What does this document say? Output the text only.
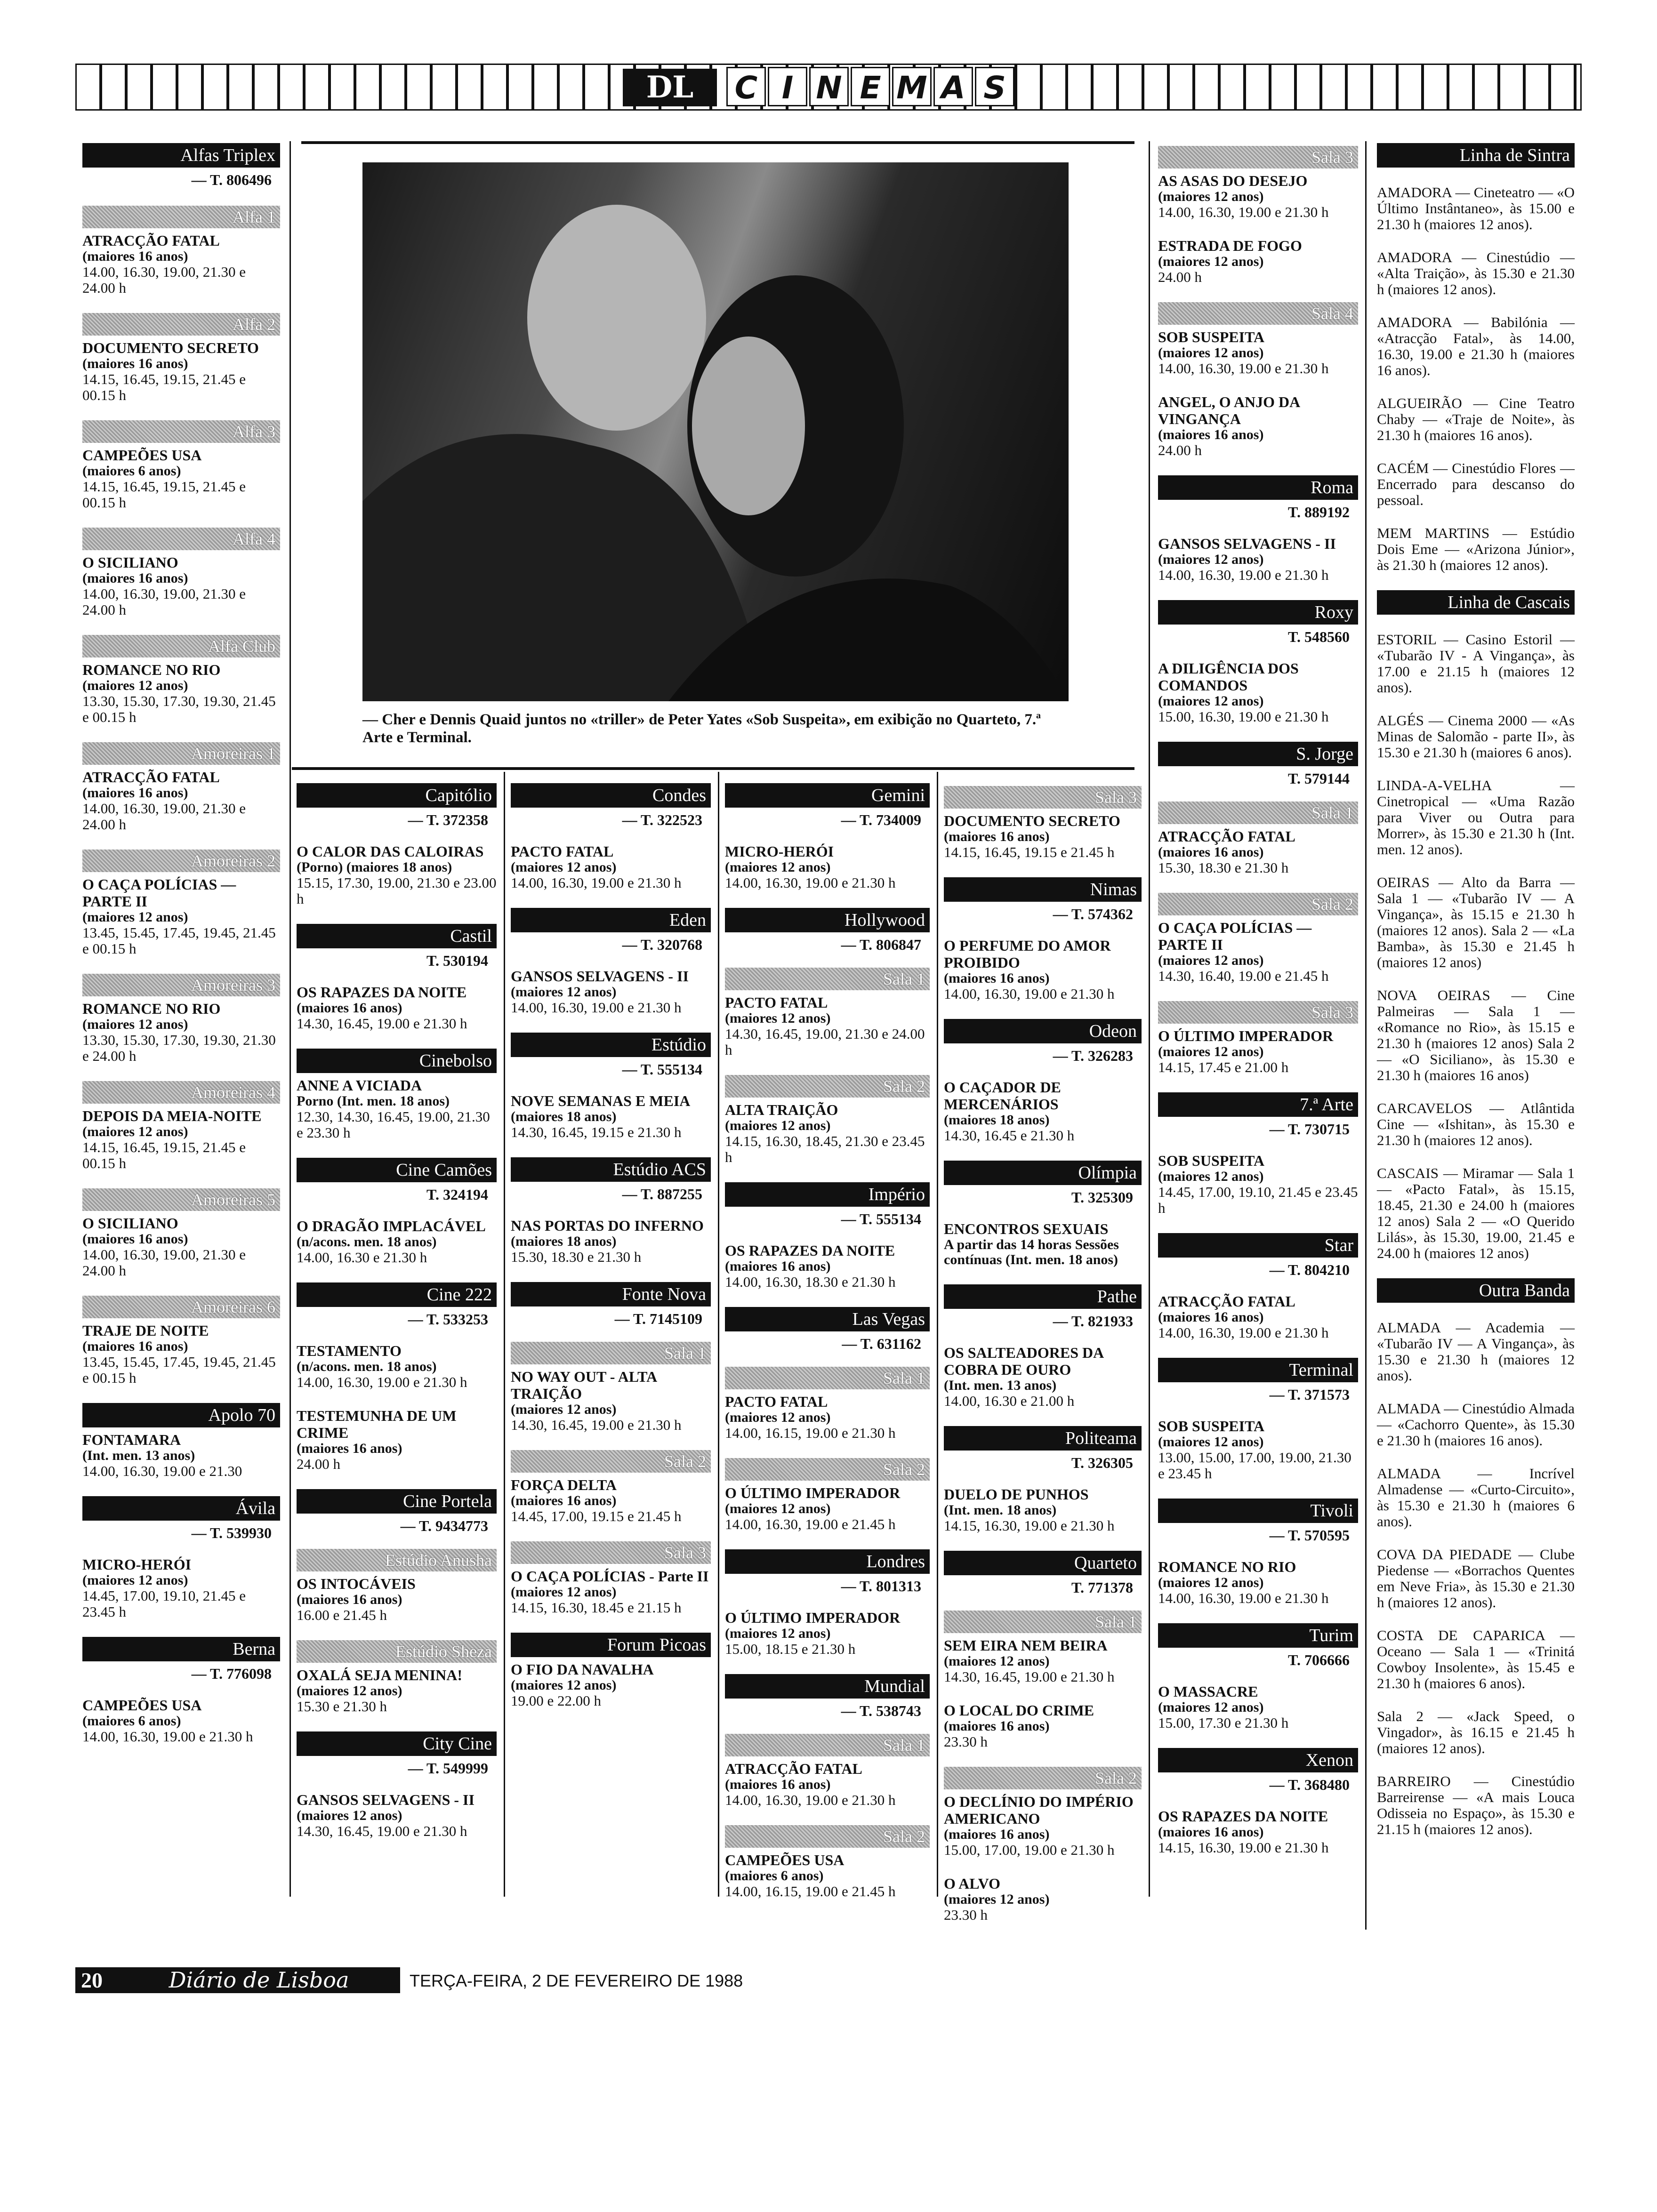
DL	C I N E M A S
— Cher e Dennis Quaid juntos no «triller» de Peter Yates «Sob Suspeita», em exibição no Quarteto, 7.ª Arte e Terminal.
Alfas Triplex
— T. 806496
Alfa 1
ATRACÇÃO FATAL
(maiores 16 anos)
14.00, 16.30, 19.00, 21.30 e 24.00 h
Alfa 2
DOCUMENTO SECRETO
(maiores 16 anos)
14.15, 16.45, 19.15, 21.45 e 00.15 h
Alfa 3
CAMPEÕES USA
(maiores 6 anos)
14.15, 16.45, 19.15, 21.45 e 00.15 h
Alfa 4
O SICILIANO
(maiores 16 anos)
14.00, 16.30, 19.00, 21.30 e 24.00 h
Alfa Club
ROMANCE NO RIO
(maiores 12 anos)
13.30, 15.30, 17.30, 19.30, 21.45 e 00.15 h
Amoreiras 1
ATRACÇÃO FATAL
(maiores 16 anos)
14.00, 16.30, 19.00, 21.30 e 24.00 h
Amoreiras 2
O CAÇA POLÍCIAS — PARTE II
(maiores 12 anos)
13.45, 15.45, 17.45, 19.45, 21.45 e 00.15 h
Amoreiras 3
ROMANCE NO RIO
(maiores 12 anos)
13.30, 15.30, 17.30, 19.30, 21.30 e 24.00 h
Amoreiras 4
DEPOIS DA MEIA-NOITE
(maiores 12 anos)
14.15, 16.45, 19.15, 21.45 e 00.15 h
Amoreiras 5
O SICILIANO
(maiores 16 anos)
14.00, 16.30, 19.00, 21.30 e 24.00 h
Amoreiras 6
TRAJE DE NOITE
(maiores 16 anos)
13.45, 15.45, 17.45, 19.45, 21.45 e 00.15 h
Apolo 70
FONTAMARA
(Int. men. 13 anos)
14.00, 16.30, 19.00 e 21.30
Ávila
— T. 539930
MICRO-HERÓI
(maiores 12 anos)
14.45, 17.00, 19.10, 21.45 e 23.45 h
Berna
— T. 776098
CAMPEÕES USA
(maiores 6 anos)
14.00, 16.30, 19.00 e 21.30 h
Capitólio
— T. 372358
O CALOR DAS CALOIRAS
(Porno) (maiores 18 anos)
15.15, 17.30, 19.00, 21.30 e 23.00 h
Castil
T. 530194
OS RAPAZES DA NOITE
(maiores 16 anos)
14.30, 16.45, 19.00 e 21.30 h
Cinebolso
ANNE A VICIADA
Porno (Int. men. 18 anos)
12.30, 14.30, 16.45, 19.00, 21.30 e 23.30 h
Cine Camões
T. 324194
O DRAGÃO IMPLACÁVEL
(n/acons. men. 18 anos)
14.00, 16.30 e 21.30 h
Cine 222
— T. 533253
TESTAMENTO
(n/acons. men. 18 anos)
14.00, 16.30, 19.00 e 21.30 h
TESTEMUNHA DE UM CRIME
(maiores 16 anos)
24.00 h
Cine Portela
— T. 9434773
Estúdio Anusha
OS INTOCÁVEIS
(maiores 16 anos)
16.00 e 21.45 h
Estúdio Sheza
OXALÁ SEJA MENINA!
(maiores 12 anos)
15.30 e 21.30 h
City Cine
— T. 549999
GANSOS SELVAGENS - II
(maiores 12 anos)
14.30, 16.45, 19.00 e 21.30 h
Condes
— T. 322523
PACTO FATAL
(maiores 12 anos)
14.00, 16.30, 19.00 e 21.30 h
Eden
— T. 320768
GANSOS SELVAGENS - II
(maiores 12 anos)
14.00, 16.30, 19.00 e 21.30 h
Estúdio
— T. 555134
NOVE SEMANAS E MEIA
(maiores 18 anos)
14.30, 16.45, 19.15 e 21.30 h
Estúdio ACS
— T. 887255
NAS PORTAS DO INFERNO
(maiores 18 anos)
15.30, 18.30 e 21.30 h
Fonte Nova
— T. 7145109
Sala 1
NO WAY OUT - ALTA TRAIÇÃO
(maiores 12 anos)
14.30, 16.45, 19.00 e 21.30 h
Sala 2
FORÇA DELTA
(maiores 16 anos)
14.45, 17.00, 19.15 e 21.45 h
Sala 3
O CAÇA POLÍCIAS - Parte II
(maiores 12 anos)
14.15, 16.30, 18.45 e 21.15 h
Forum Picoas
O FIO DA NAVALHA
(maiores 12 anos)
19.00 e 22.00 h
Gemini
— T. 734009
MICRO-HERÓI
(maiores 12 anos)
14.00, 16.30, 19.00 e 21.30 h
Hollywood
— T. 806847
Sala 1
PACTO FATAL
(maiores 12 anos)
14.30, 16.45, 19.00, 21.30 e 24.00 h
Sala 2
ALTA TRAIÇÃO
(maiores 12 anos)
14.15, 16.30, 18.45, 21.30 e 23.45 h
Império
— T. 555134
OS RAPAZES DA NOITE
(maiores 16 anos)
14.00, 16.30, 18.30 e 21.30 h
Las Vegas
— T. 631162
Sala 1
PACTO FATAL
(maiores 12 anos)
14.00, 16.15, 19.00 e 21.30 h
Sala 2
O ÚLTIMO IMPERADOR
(maiores 12 anos)
14.00, 16.30, 19.00 e 21.45 h
Londres
— T. 801313
O ÚLTIMO IMPERADOR
(maiores 12 anos)
15.00, 18.15 e 21.30 h
Mundial
— T. 538743
Sala 1
ATRACÇÃO FATAL
(maiores 16 anos)
14.00, 16.30, 19.00 e 21.30 h
Sala 2
CAMPEÕES USA
(maiores 6 anos)
14.00, 16.15, 19.00 e 21.45 h
Sala 3
DOCUMENTO SECRETO
(maiores 16 anos)
14.15, 16.45, 19.15 e 21.45 h
Nimas
— T. 574362
O PERFUME DO AMOR PROIBIDO
(maiores 16 anos)
14.00, 16.30, 19.00 e 21.30 h
Odeon
— T. 326283
O CAÇADOR DE MERCENÁRIOS
(maiores 18 anos)
14.30, 16.45 e 21.30 h
Olímpia
T. 325309
ENCONTROS SEXUAIS
A partir das 14 horas Sessões contínuas (Int. men. 18 anos)
Pathe
— T. 821933
OS SALTEADORES DA COBRA DE OURO
(Int. men. 13 anos)
14.00, 16.30 e 21.00 h
Politeama
T. 326305
DUELO DE PUNHOS
(Int. men. 18 anos)
14.15, 16.30, 19.00 e 21.30 h
Quarteto
T. 771378
Sala 1
SEM EIRA NEM BEIRA
(maiores 12 anos)
14.30, 16.45, 19.00 e 21.30 h
O LOCAL DO CRIME
(maiores 16 anos)
23.30 h
Sala 2
O DECLÍNIO DO IMPÉRIO AMERICANO
(maiores 16 anos)
15.00, 17.00, 19.00 e 21.30 h
O ALVO
(maiores 12 anos)
23.30 h
Sala 3
AS ASAS DO DESEJO
(maiores 12 anos)
14.00, 16.30, 19.00 e 21.30 h
ESTRADA DE FOGO
(maiores 12 anos)
24.00 h
Sala 4
SOB SUSPEITA
(maiores 12 anos)
14.00, 16.30, 19.00 e 21.30 h
ANGEL, O ANJO DA VINGANÇA
(maiores 16 anos)
24.00 h
Roma
T. 889192
GANSOS SELVAGENS - II
(maiores 12 anos)
14.00, 16.30, 19.00 e 21.30 h
Roxy
T. 548560
A DILIGÊNCIA DOS COMANDOS
(maiores 12 anos)
15.00, 16.30, 19.00 e 21.30 h
S. Jorge
T. 579144
Sala 1
ATRACÇÃO FATAL
(maiores 16 anos)
15.30, 18.30 e 21.30 h
Sala 2
O CAÇA POLÍCIAS — PARTE II
(maiores 12 anos)
14.30, 16.40, 19.00 e 21.45 h
Sala 3
O ÚLTIMO IMPERADOR
(maiores 12 anos)
14.15, 17.45 e 21.00 h
7.ª Arte
— T. 730715
SOB SUSPEITA
(maiores 12 anos)
14.45, 17.00, 19.10, 21.45 e 23.45 h
Star
— T. 804210
ATRACÇÃO FATAL
(maiores 16 anos)
14.00, 16.30, 19.00 e 21.30 h
Terminal
— T. 371573
SOB SUSPEITA
(maiores 12 anos)
13.00, 15.00, 17.00, 19.00, 21.30 e 23.45 h
Tivoli
— T. 570595
ROMANCE NO RIO
(maiores 12 anos)
14.00, 16.30, 19.00 e 21.30 h
Turim
T. 706666
O MASSACRE
(maiores 12 anos)
15.00, 17.30 e 21.30 h
Xenon
— T. 368480
OS RAPAZES DA NOITE
(maiores 16 anos)
14.15, 16.30, 19.00 e 21.30 h
Linha de Sintra
AMADORA — Cineteatro — «O Último Instântaneo», às 15.00 e 21.30 h (maiores 12 anos).
AMADORA — Cinestúdio — «Alta Traição», às 15.30 e 21.30 h (maiores 12 anos).
AMADORA — Babilónia — «Atracção Fatal», às 14.00, 16.30, 19.00 e 21.30 h (maiores 16 anos).
ALGUEIRÃO — Cine Teatro Chaby — «Traje de Noite», às 21.30 h (maiores 16 anos).
CACÉM — Cinestúdio Flores — Encerrado para descanso do pessoal.
MEM MARTINS — Estúdio Dois Eme — «Arizona Júnior», às 21.30 h (maiores 12 anos).
Linha de Cascais
ESTORIL — Casino Estoril — «Tubarão IV - A Vingança», às 17.00 e 21.15 h (maiores 12 anos).
ALGÉS — Cinema 2000 — «As Minas de Salomão - parte II», às 15.30 e 21.30 h (maiores 6 anos).
LINDA-A-VELHA — Cinetropical — «Uma Razão para Viver ou Outra para Morrer», às 15.30 e 21.30 h (Int. men. 12 anos).
OEIRAS — Alto da Barra — Sala 1 — «Tubarão IV — A Vingança», às 15.15 e 21.30 h (maiores 12 anos). Sala 2 — «La Bamba», às 15.30 e 21.45 h (maiores 12 anos)
NOVA OEIRAS — Cine Palmeiras — Sala 1 — «Romance no Rio», às 15.15 e 21.30 h (maiores 12 anos) Sala 2 — «O Siciliano», às 15.30 e 21.30 h (maiores 16 anos)
CARCAVELOS — Atlântida Cine — «Ishitan», às 15.30 e 21.30 h (maiores 12 anos).
CASCAIS — Miramar — Sala 1 — «Pacto Fatal», às 15.15, 18.45, 21.30 e 24.00 h (maiores 12 anos) Sala 2 — «O Querido Lilás», às 15.30, 19.00, 21.45 e 24.00 h (maiores 12 anos)
Outra Banda
ALMADA — Academia — «Tubarão IV — A Vingança», às 15.30 e 21.30 h (maiores 12 anos).
ALMADA — Cinestúdio Almada — «Cachorro Quente», às 15.30 e 21.30 h (maiores 16 anos).
ALMADA — Incrível Almadense — «Curto-Circuito», às 15.30 e 21.30 h (maiores 6 anos).
COVA DA PIEDADE — Clube Piedense — «Borrachos Quentes em Neve Fria», às 15.30 e 21.30 h (maiores 12 anos).
COSTA DE CAPARICA — Oceano — Sala 1 — «Trinitá Cowboy Insolente», às 15.45 e 21.30 h (maiores 6 anos).
Sala 2 — «Jack Speed, o Vingador», às 16.15 e 21.45 h (maiores 12 anos).
BARREIRO — Cinestúdio Barreirense — «A mais Louca Odisseia no Espaço», às 15.30 e 21.15 h (maiores 12 anos).
20	Diário de Lisboa	TERÇA-FEIRA, 2 DE FEVEREIRO DE 1988
